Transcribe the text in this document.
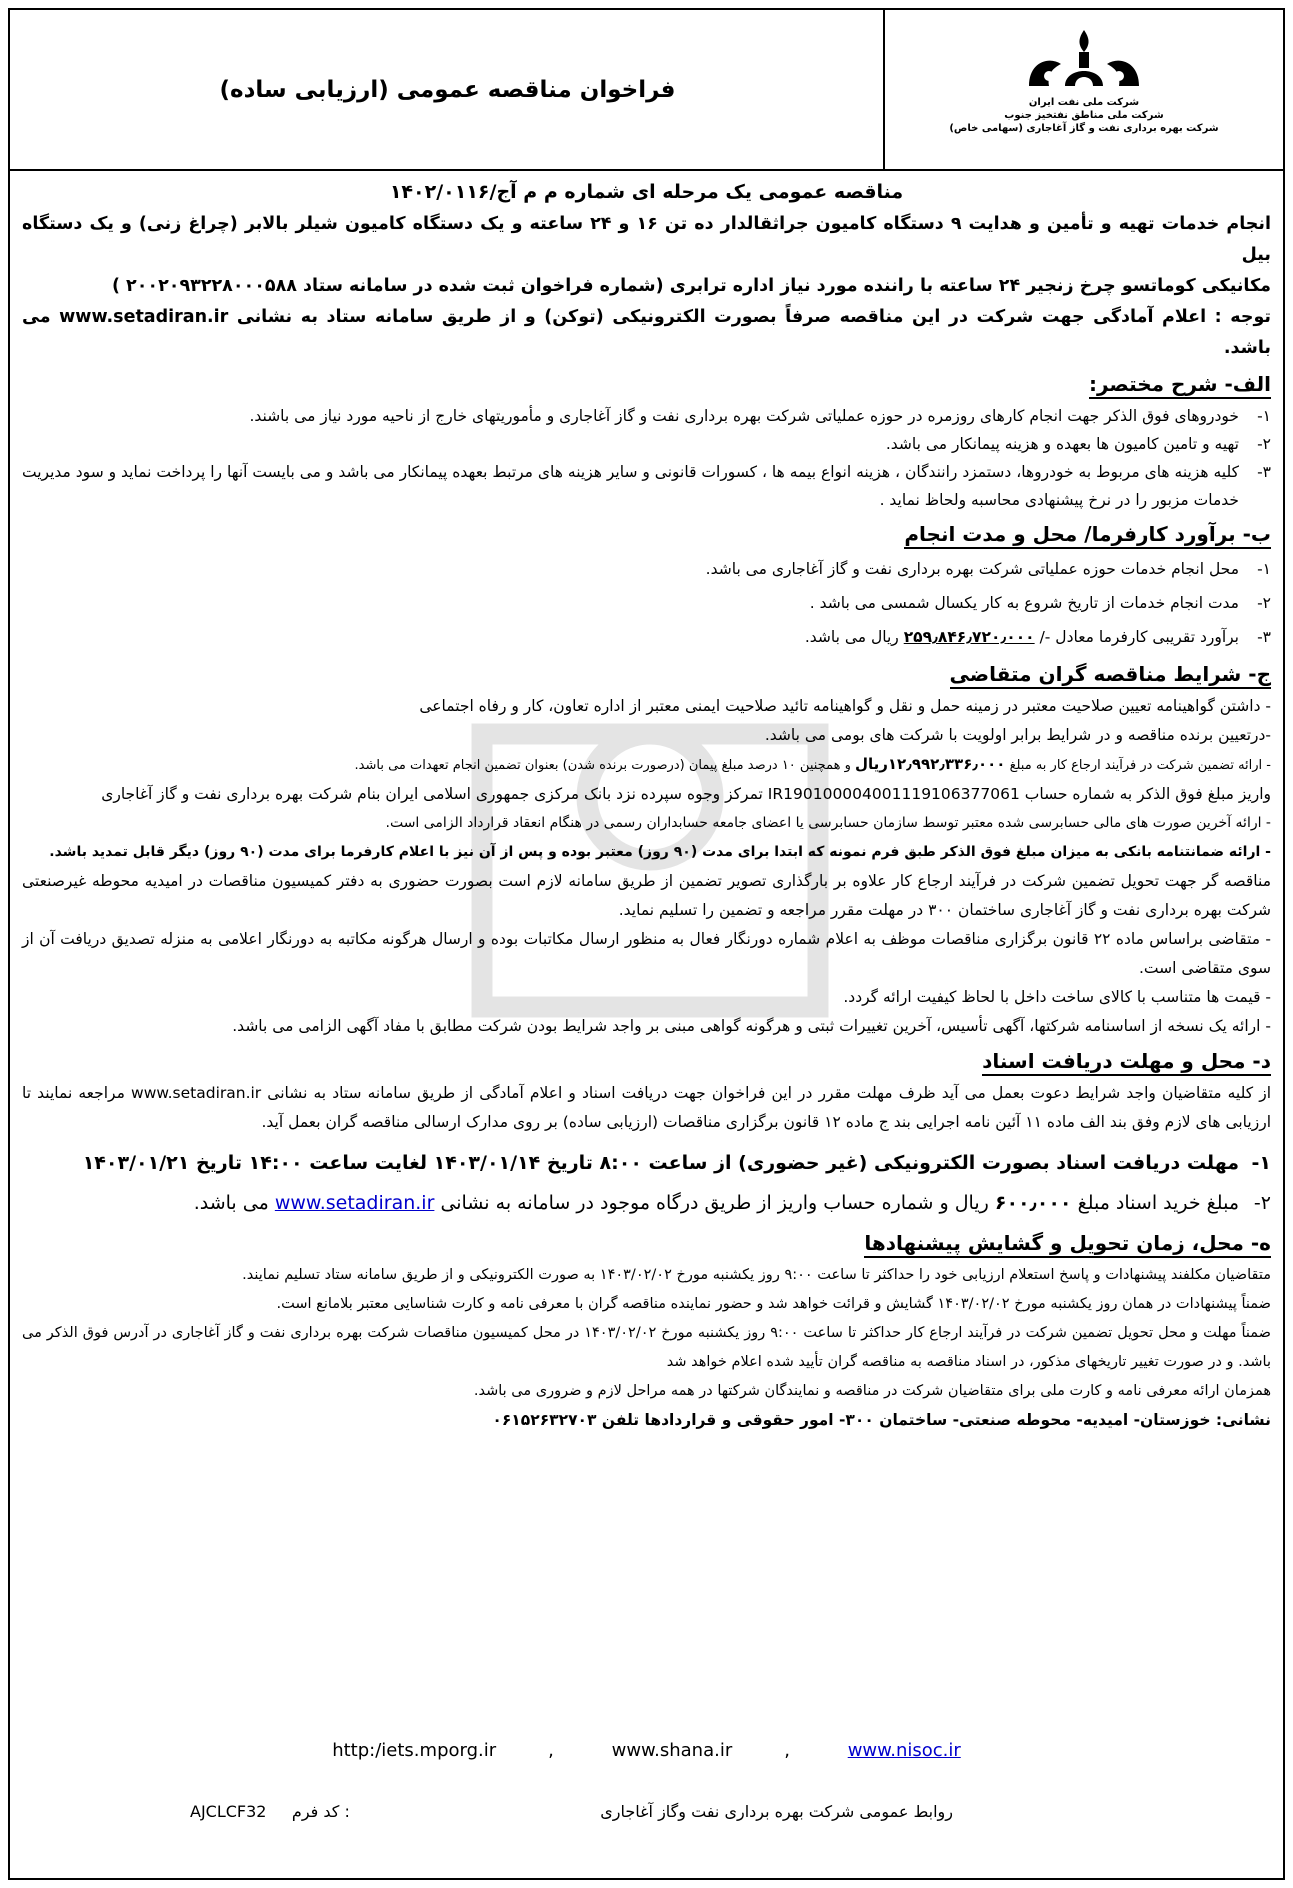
شرکت ملی نفت ایران
شرکت ملی مناطق نفتخیز جنوب
شرکت بهره برداری نفت و گاز آغاجاری (سهامی خاص)
فراخوان مناقصه عمومی (ارزیابی ساده)
مناقصه عمومی یک مرحله ای شماره م م آج/۱۴۰۲/۰۱۱۶
انجام خدمات تهیه و تأمین و هدایت ۹ دستگاه کامیون جراثقالدار ده تن ۱۶ و ۲۴ ساعته و یک دستگاه کامیون شیلر بالابر (چراغ زنی) و یک دستگاه بیل
مکانیکی کوماتسو چرخ زنجیر ۲۴ ساعته با راننده مورد نیاز اداره ترابری (شماره فراخوان ثبت شده در سامانه ستاد ۲۰۰۲۰۹۳۲۲۸۰۰۰۵۸۸ )
توجه : اعلام آمادگی جهت شرکت در این مناقصه صرفاً بصورت الکترونیکی (توکن) و از طریق سامانه ستاد به نشانی www.setadiran.ir می باشد.
الف- شرح مختصر:
۱-
خودروهای فوق الذکر جهت انجام کارهای روزمره در حوزه عملیاتی شرکت بهره برداری نفت و گاز آغاجاری و مأموریتهای خارج از ناحیه مورد نیاز می باشند.
۲-
تهیه و تامین کامیون ها بعهده و هزینه پیمانکار می باشد.
۳-
کلیه هزینه های مربوط به خودروها، دستمزد رانندگان ، هزینه انواع بیمه ها ، کسورات قانونی و سایر هزینه های مرتبط بعهده پیمانکار می باشد و می بایست آنها را پرداخت نماید و سود مدیریت خدمات مزبور را در نرخ پیشنهادی محاسبه ولحاظ نماید .
ب- برآورد کارفرما/ محل و مدت انجام
۱-
محل انجام خدمات حوزه عملیاتی شرکت بهره برداری نفت و گاز آغاجاری می باشد.
۲-
مدت انجام خدمات از تاریخ شروع به کار یکسال شمسی می باشد .
۳-
برآورد تقریبی کارفرما معادل -/ ۲۵۹٫۸۴۶٫۷۲۰٫۰۰۰ ریال می باشد.
ج- شرایط مناقصه گران متقاضی
- داشتن گواهینامه تعیین صلاحیت معتبر در زمینه حمل و نقل و گواهینامه تائید صلاحیت ایمنی معتبر از اداره تعاون، کار و رفاه اجتماعی
-درتعیین برنده مناقصه و در شرایط برابر اولویت با شرکت های بومی می باشد.
- ارائه تضمین شرکت در فرآیند ارجاع کار به مبلغ ۱۲٫۹۹۲٫۳۳۶٫۰۰۰ریال و همچنین ۱۰ درصد مبلغ پیمان (درصورت برنده شدن) بعنوان تضمین انجام تعهدات می باشد.
واریز مبلغ فوق الذکر به شماره حساب IR190100004001119106377061 تمرکز وجوه سپرده نزد بانک مرکزی جمهوری اسلامی ایران بنام شرکت بهره برداری نفت و گاز آغاجاری
- ارائه آخرین صورت های مالی حسابرسی شده معتبر توسط سازمان حسابرسی یا اعضای جامعه حسابداران رسمی در هنگام انعقاد قرارداد الزامی است.
- ارائه ضمانتنامه بانکی به میزان مبلغ فوق الذکر طبق فرم نمونه که ابتدا برای مدت (۹۰ روز) معتبر بوده و پس از آن نیز با اعلام کارفرما برای مدت (۹۰ روز) دیگر قابل تمدید باشد.
مناقصه گر جهت تحویل تضمین شرکت در فرآیند ارجاع کار علاوه بر بارگذاری تصویر تضمین از طریق سامانه لازم است بصورت حضوری به دفتر کمیسیون مناقصات در امیدیه محوطه غیرصنعتی شرکت بهره برداری نفت و گاز آغاجاری ساختمان ۳۰۰ در مهلت مقرر مراجعه و تضمین را تسلیم نماید.
- متقاضی براساس ماده ۲۲ قانون برگزاری مناقصات موظف به اعلام شماره دورنگار فعال به منظور ارسال مکاتبات بوده و ارسال هرگونه مکاتبه به دورنگار اعلامی به منزله تصدیق دریافت آن از سوی متقاضی است.
- قیمت ها متناسب با کالای ساخت داخل با لحاظ کیفیت ارائه گردد.
- ارائه یک نسخه از اساسنامه شرکتها، آگهی تأسیس، آخرین تغییرات ثبتی و هرگونه گواهی مبنی بر واجد شرایط بودن شرکت مطابق با مفاد آگهی الزامی می باشد.
د- محل و مهلت دریافت اسناد
از کلیه متقاضیان واجد شرایط دعوت بعمل می آید ظرف مهلت مقرر در این فراخوان جهت دریافت اسناد و اعلام آمادگی از طریق سامانه ستاد به نشانی www.setadiran.ir مراجعه نمایند تا ارزیابی های لازم وفق بند الف ماده ۱۱ آئین نامه اجرایی بند ج ماده ۱۲ قانون برگزاری مناقصات (ارزیابی ساده) بر روی مدارک ارسالی مناقصه گران بعمل آید.
۱-
مهلت دریافت اسناد بصورت الکترونیکی (غیر حضوری) از ساعت ۸:۰۰ تاریخ ۱۴۰۳/۰۱/۱۴ لغایت ساعت ۱۴:۰۰ تاریخ ۱۴۰۳/۰۱/۲۱
۲-
مبلغ خرید اسناد مبلغ ۶۰۰٫۰۰۰ ریال و شماره حساب واریز از طریق درگاه موجود در سامانه به نشانی www.setadiran.ir می باشد.
ه- محل، زمان تحویل و گشایش پیشنهادها
متقاضیان مکلفند پیشنهادات و پاسخ استعلام ارزیابی خود را حداکثر تا ساعت ۹:۰۰ روز یکشنبه مورخ ۱۴۰۳/۰۲/۰۲ به صورت الکترونیکی و از طریق سامانه ستاد تسلیم نمایند.
ضمناً پیشنهادات در همان روز یکشنبه مورخ ۱۴۰۳/۰۲/۰۲ گشایش و قرائت خواهد شد و حضور نماینده مناقصه گران با معرفی نامه و کارت شناسایی معتبر بلامانع است.
ضمناً مهلت و محل تحویل تضمین شرکت در فرآیند ارجاع کار حداکثر تا ساعت ۹:۰۰ روز یکشنبه مورخ ۱۴۰۳/۰۲/۰۲ در محل کمیسیون مناقصات شرکت بهره برداری نفت و گاز آغاجاری در آدرس فوق الذکر می باشد. و در صورت تغییر تاریخهای مذکور، در اسناد مناقصه به مناقصه گران تأیید شده اعلام خواهد شد
همزمان ارائه معرفی نامه و کارت ملی برای متقاضیان شرکت در مناقصه و نمایندگان شرکتها در همه مراحل لازم و ضروری می باشد.
نشانی: خوزستان- امیدیه- محوطه صنعتی- ساختمان ۳۰۰- امور حقوقی و قراردادها تلفن ۰۶۱۵۲۶۳۲۷۰۳
http:/iets.mporg.ir	,	www.shana.ir	,	www.nisoc.ir
روابط عمومی شرکت بهره برداری نفت وگاز آغاجاری
AJCLCF32 کد فرم :
